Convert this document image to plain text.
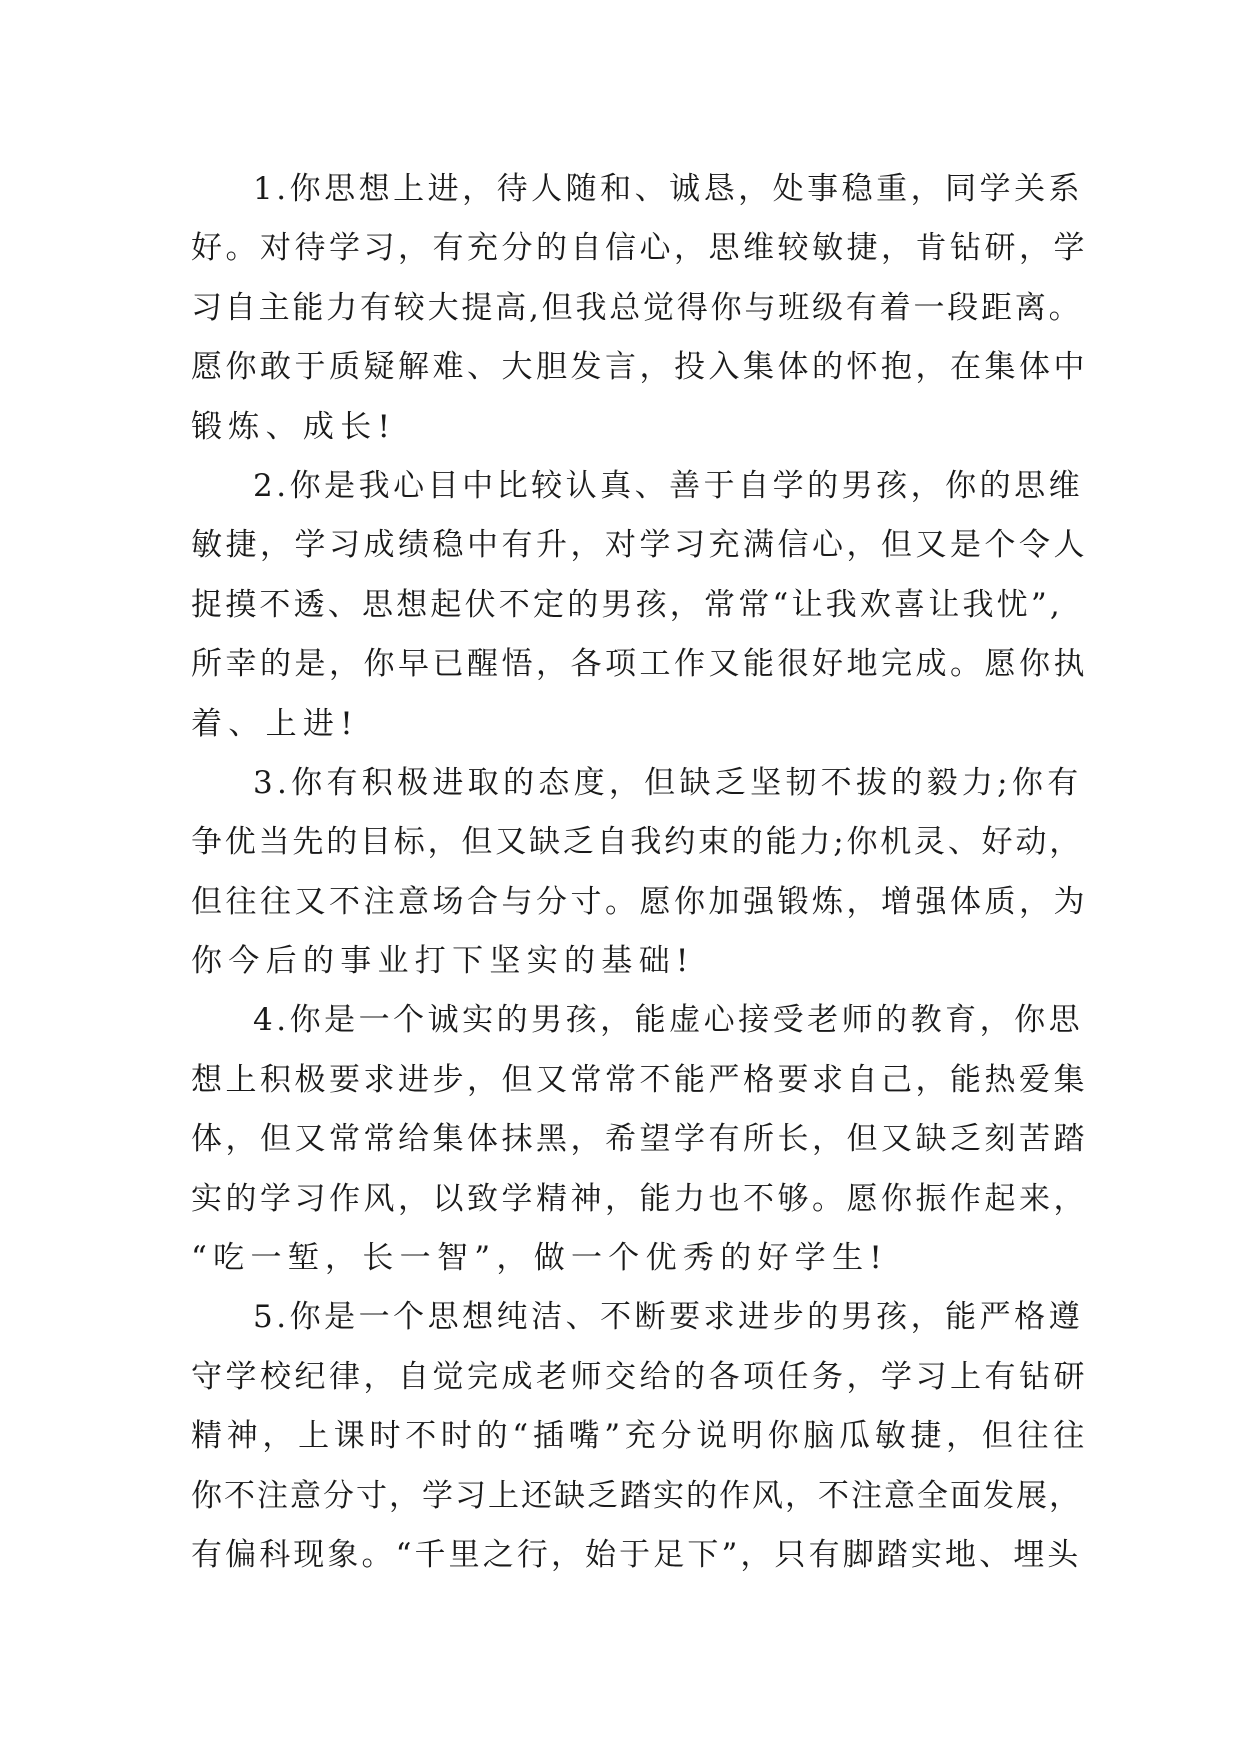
1.你思想上进，待人随和、诚恳，处事稳重，同学关系
好。对待学习，有充分的自信心，思维较敏捷，肯钻研，学
习自主能力有较大提高,但我总觉得你与班级有着一段距离。
愿你敢于质疑解难、大胆发言，投入集体的怀抱，在集体中
锻炼、成长!
2.你是我心目中比较认真、善于自学的男孩，你的思维
敏捷，学习成绩稳中有升，对学习充满信心，但又是个令人
捉摸不透、思想起伏不定的男孩，常常“让我欢喜让我忧”,
所幸的是，你早已醒悟，各项工作又能很好地完成。愿你执
着、上进!
3.你有积极进取的态度，但缺乏坚韧不拔的毅力;你有
争优当先的目标，但又缺乏自我约束的能力;你机灵、好动，
但往往又不注意场合与分寸。愿你加强锻炼，增强体质，为
你今后的事业打下坚实的基础!
4.你是一个诚实的男孩，能虚心接受老师的教育，你思
想上积极要求进步，但又常常不能严格要求自己，能热爱集
体，但又常常给集体抹黑，希望学有所长，但又缺乏刻苦踏
实的学习作风，以致学精神，能力也不够。愿你振作起来，
“吃一堑，长一智”，做一个优秀的好学生!
5.你是一个思想纯洁、不断要求进步的男孩，能严格遵
守学校纪律，自觉完成老师交给的各项任务，学习上有钻研
精神，上课时不时的“插嘴”充分说明你脑瓜敏捷，但往往
你不注意分寸，学习上还缺乏踏实的作风，不注意全面发展，
有偏科现象。“千里之行，始于足下”，只有脚踏实地、埋头
